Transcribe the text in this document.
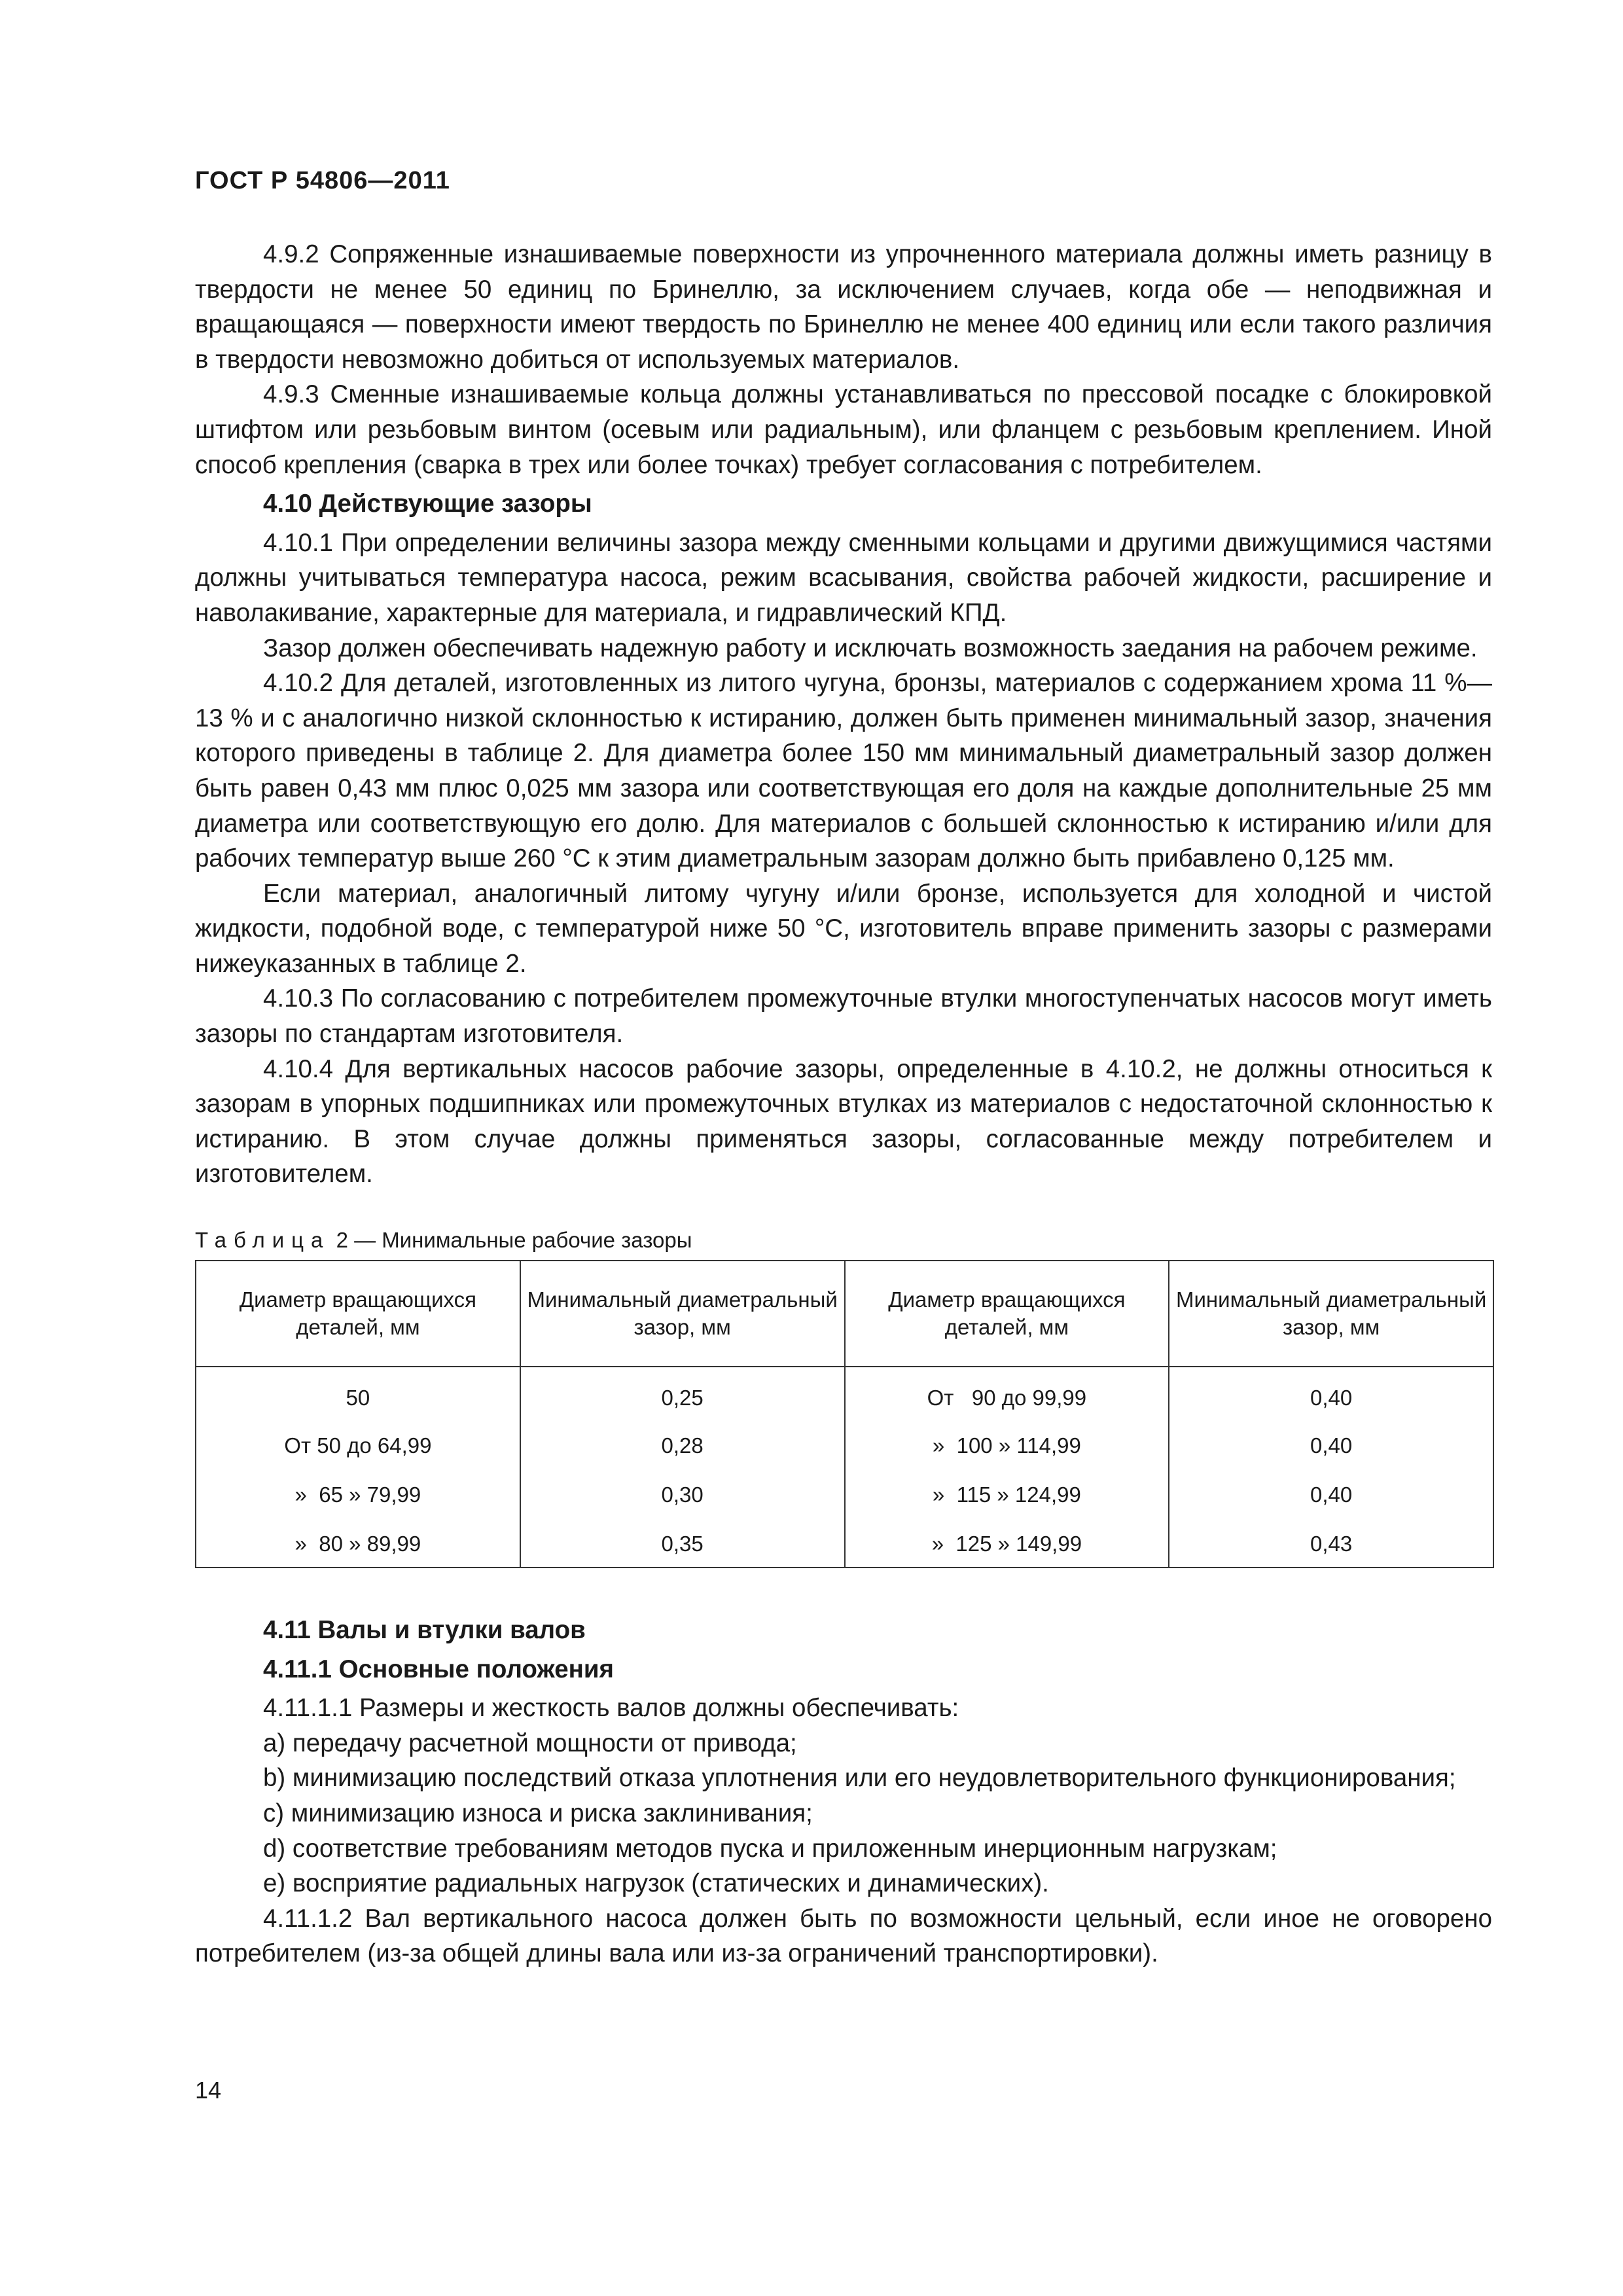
ГОСТ Р 54806—2011

4.9.2 Сопряженные изнашиваемые поверхности из упрочненного материала должны иметь разницу в твердости не менее 50 единиц по Бринеллю, за исключением случаев, когда обе — неподвижная и вращающаяся — поверхности имеют твердость по Бринеллю не менее 400 единиц или если такого различия в твердости невозможно добиться от используемых материалов.

4.9.3 Сменные изнашиваемые кольца должны устанавливаться по прессовой посадке с блокировкой штифтом или резьбовым винтом (осевым или радиальным), или фланцем с резьбовым креплением. Иной способ крепления (сварка в трех или более точках) требует согласования с потребителем.

4.10 Действующие зазоры

4.10.1 При определении величины зазора между сменными кольцами и другими движущимися частями должны учитываться температура насоса, режим всасывания, свойства рабочей жидкости, расширение и наволакивание, характерные для материала, и гидравлический КПД.

Зазор должен обеспечивать надежную работу и исключать возможность заедания на рабочем режиме.

4.10.2 Для деталей, изготовленных из литого чугуна, бронзы, материалов с содержанием хрома 11 %—13 % и с аналогично низкой склонностью к истиранию, должен быть применен минимальный зазор, значения которого приведены в таблице 2. Для диаметра более 150 мм минимальный диаметральный зазор должен быть равен 0,43 мм плюс 0,025 мм зазора или соответствующая его доля на каждые дополнительные 25 мм диаметра или соответствующую его долю. Для материалов с большей склонностью к истиранию и/или для рабочих температур выше 260 °С к этим диаметральным зазорам должно быть прибавлено 0,125 мм.

Если материал, аналогичный литому чугуну и/или бронзе, используется для холодной и чистой жидкости, подобной воде, с температурой ниже 50 °С, изготовитель вправе применить зазоры с размерами нижеуказанных в таблице 2.

4.10.3 По согласованию с потребителем промежуточные втулки многоступенчатых насосов могут иметь зазоры по стандартам изготовителя.

4.10.4 Для вертикальных насосов рабочие зазоры, определенные в 4.10.2, не должны относиться к зазорам в упорных подшипниках или промежуточных втулках из материалов с недостаточной склонностью к истиранию. В этом случае должны применяться зазоры, согласованные между потребителем и изготовителем.

Таблица 2 — Минимальные рабочие зазоры
Диаметр вращающихся деталей, мм	Минимальный диаметральный зазор, мм	Диаметр вращающихся деталей, мм	Минимальный диаметральный зазор, мм
50	0,25	От   90 до 99,99	0,40
От 50 до 64,99	0,28	»  100 » 114,99	0,40
»  65 » 79,99	0,30	»  115 » 124,99	0,40
»  80 » 89,99	0,35	»  125 » 149,99	0,43

4.11 Валы и втулки валов

4.11.1 Основные положения

4.11.1.1 Размеры и жесткость валов должны обеспечивать:

a) передачу расчетной мощности от привода;

b) минимизацию последствий отказа уплотнения или его неудовлетворительного функционирования;

c) минимизацию износа и риска заклинивания;

d) соответствие требованиям методов пуска и приложенным инерционным нагрузкам;

e) восприятие радиальных нагрузок (статических и динамических).

4.11.1.2 Вал вертикального насоса должен быть по возможности цельный, если иное не оговорено потребителем (из-за общей длины вала или из-за ограничений транспортировки).

14
